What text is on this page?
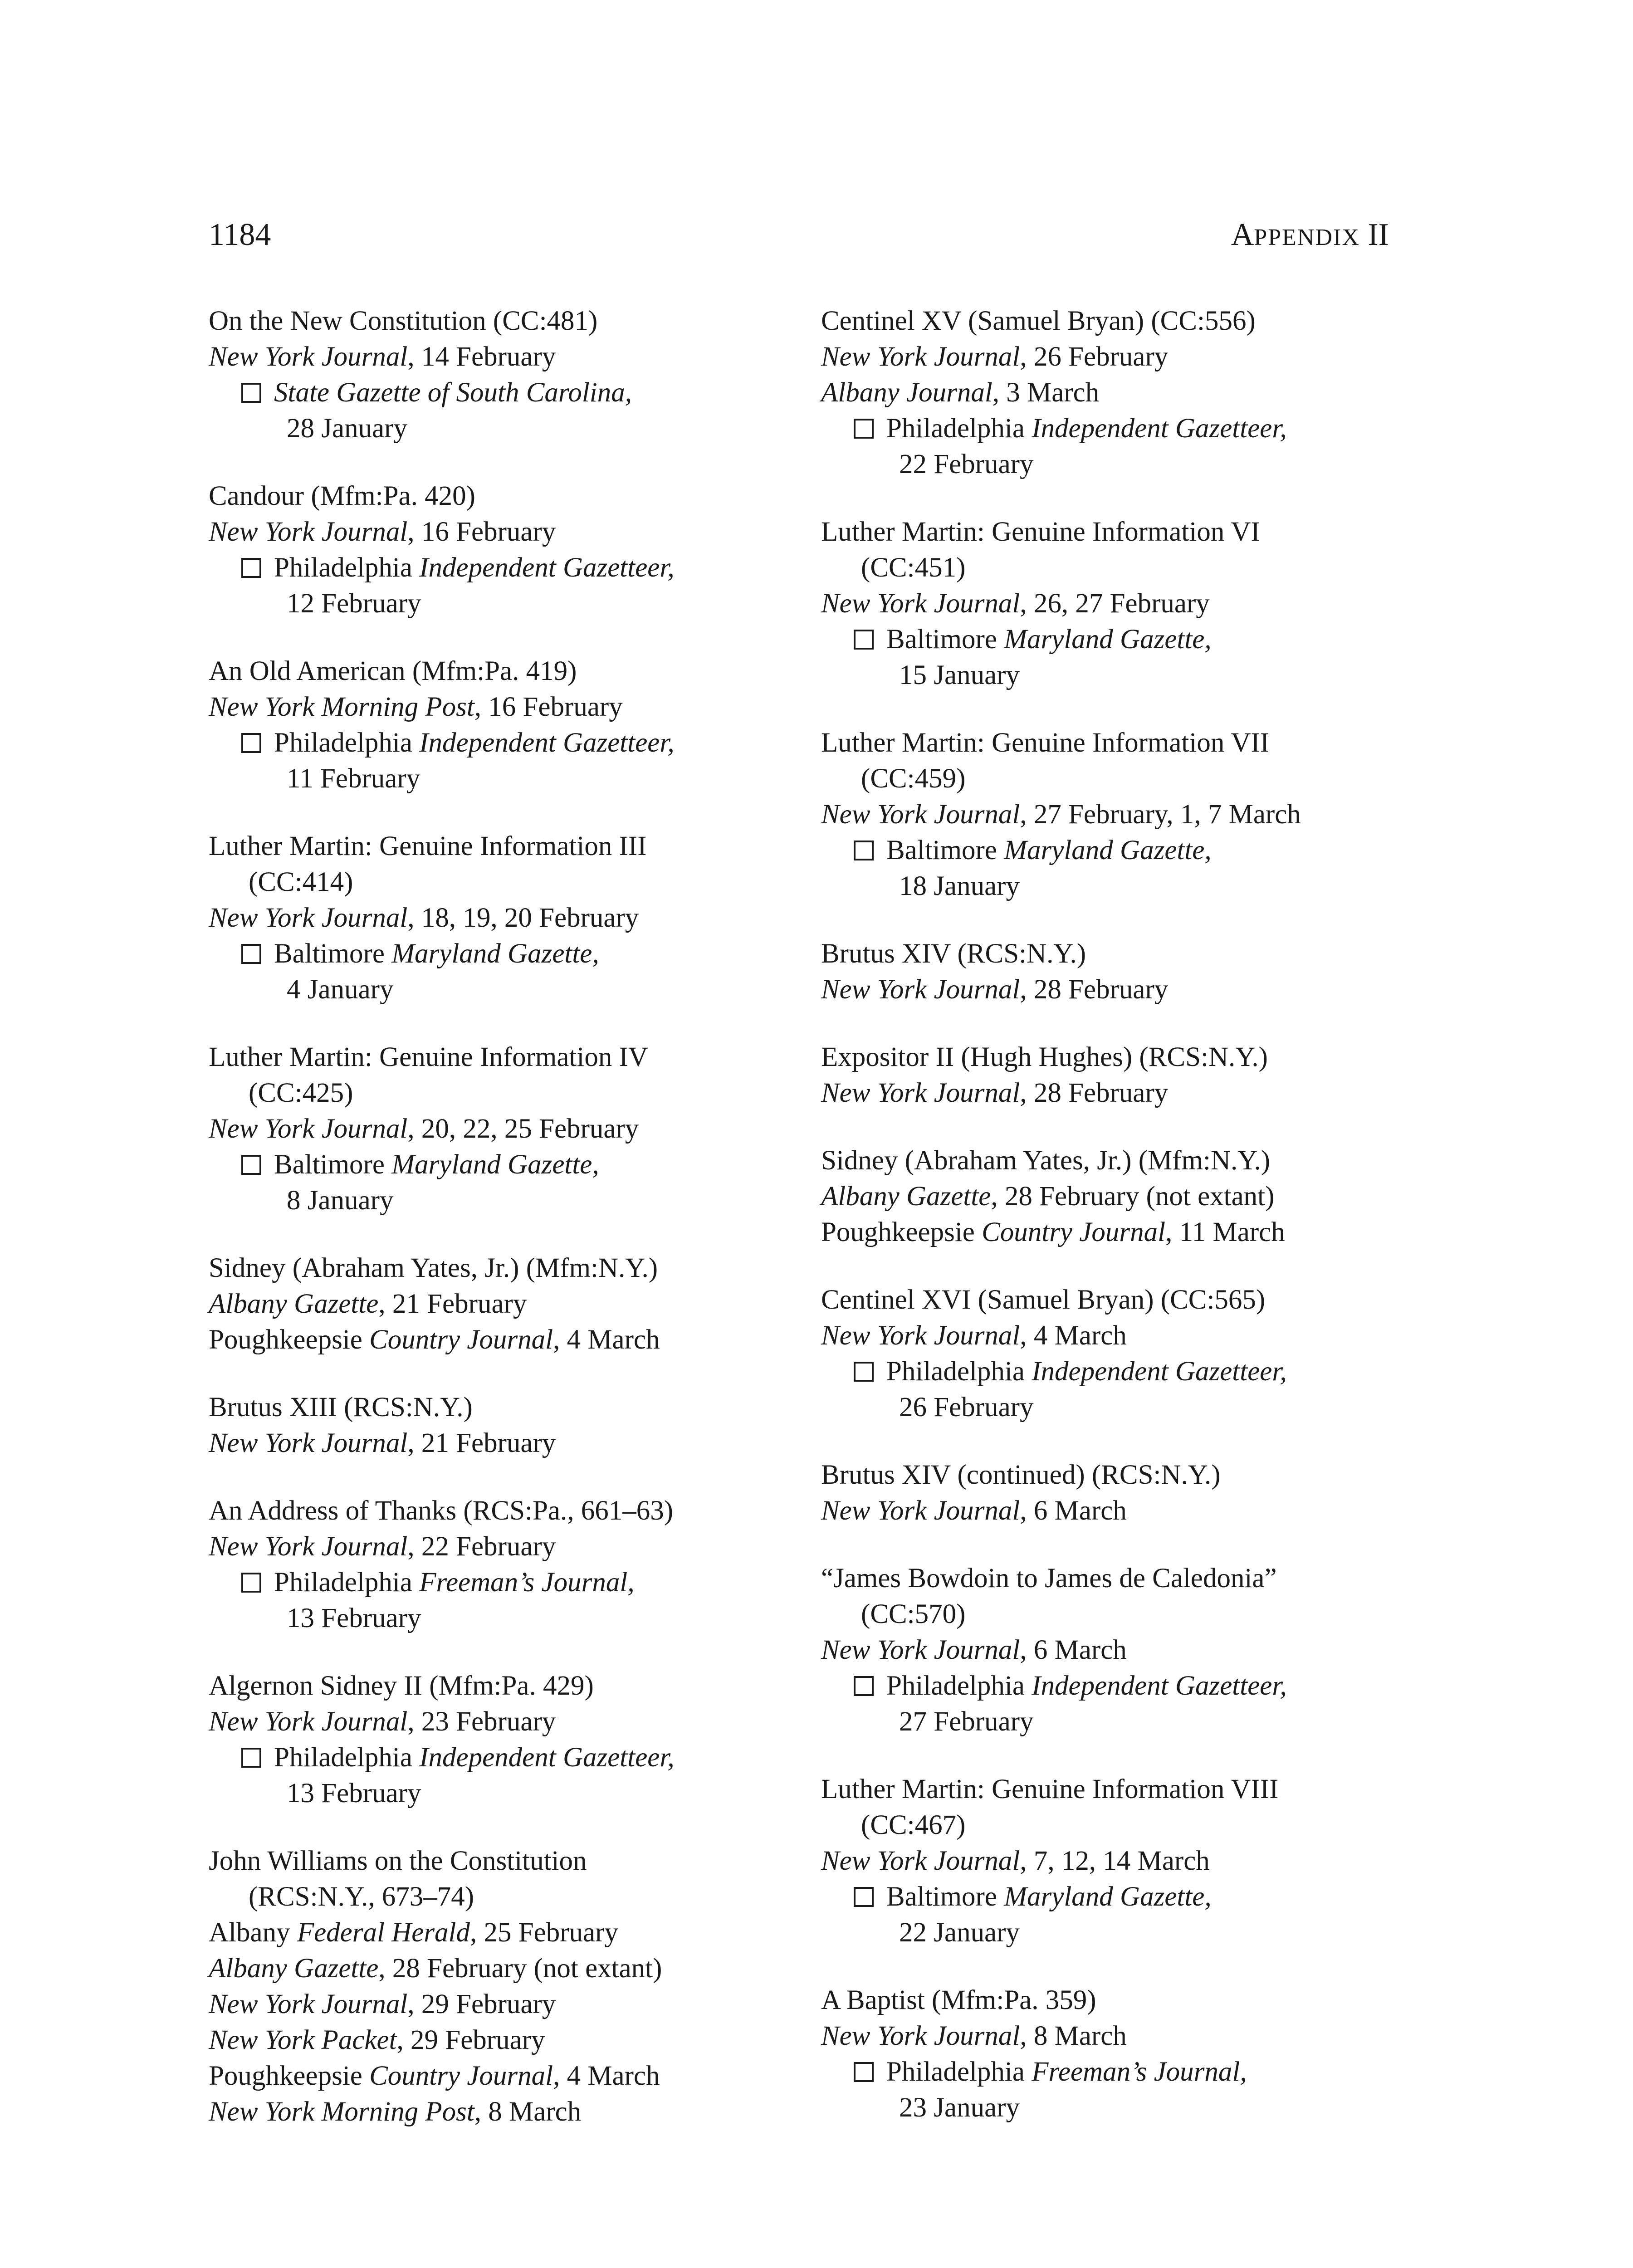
1184	APPENDIX II
On the New Constitution (CC:481)
New York Journal, 14 February
State Gazette of South Carolina,
28 January
Candour (Mfm:Pa. 420)
New York Journal, 16 February
Philadelphia Independent Gazetteer,
12 February
An Old American (Mfm:Pa. 419)
New York Morning Post, 16 February
Philadelphia Independent Gazetteer,
11 February
Luther Martin: Genuine Information III
(CC:414)
New York Journal, 18, 19, 20 February
Baltimore Maryland Gazette,
4 January
Luther Martin: Genuine Information IV
(CC:425)
New York Journal, 20, 22, 25 February
Baltimore Maryland Gazette,
8 January
Sidney (Abraham Yates, Jr.) (Mfm:N.Y.)
Albany Gazette, 21 February
Poughkeepsie Country Journal, 4 March
Brutus XIII (RCS:N.Y.)
New York Journal, 21 February
An Address of Thanks (RCS:Pa., 661–63)
New York Journal, 22 February
Philadelphia Freeman’s Journal,
13 February
Algernon Sidney II (Mfm:Pa. 429)
New York Journal, 23 February
Philadelphia Independent Gazetteer,
13 February
John Williams on the Constitution
(RCS:N.Y., 673–74)
Albany Federal Herald, 25 February
Albany Gazette, 28 February (not extant)
New York Journal, 29 February
New York Packet, 29 February
Poughkeepsie Country Journal, 4 March
New York Morning Post, 8 March
Centinel XV (Samuel Bryan) (CC:556)
New York Journal, 26 February
Albany Journal, 3 March
Philadelphia Independent Gazetteer,
22 February
Luther Martin: Genuine Information VI
(CC:451)
New York Journal, 26, 27 February
Baltimore Maryland Gazette,
15 January
Luther Martin: Genuine Information VII
(CC:459)
New York Journal, 27 February, 1, 7 March
Baltimore Maryland Gazette,
18 January
Brutus XIV (RCS:N.Y.)
New York Journal, 28 February
Expositor II (Hugh Hughes) (RCS:N.Y.)
New York Journal, 28 February
Sidney (Abraham Yates, Jr.) (Mfm:N.Y.)
Albany Gazette, 28 February (not extant)
Poughkeepsie Country Journal, 11 March
Centinel XVI (Samuel Bryan) (CC:565)
New York Journal, 4 March
Philadelphia Independent Gazetteer,
26 February
Brutus XIV (continued) (RCS:N.Y.)
New York Journal, 6 March
“James Bowdoin to James de Caledonia”
(CC:570)
New York Journal, 6 March
Philadelphia Independent Gazetteer,
27 February
Luther Martin: Genuine Information VIII
(CC:467)
New York Journal, 7, 12, 14 March
Baltimore Maryland Gazette,
22 January
A Baptist (Mfm:Pa. 359)
New York Journal, 8 March
Philadelphia Freeman’s Journal,
23 January
